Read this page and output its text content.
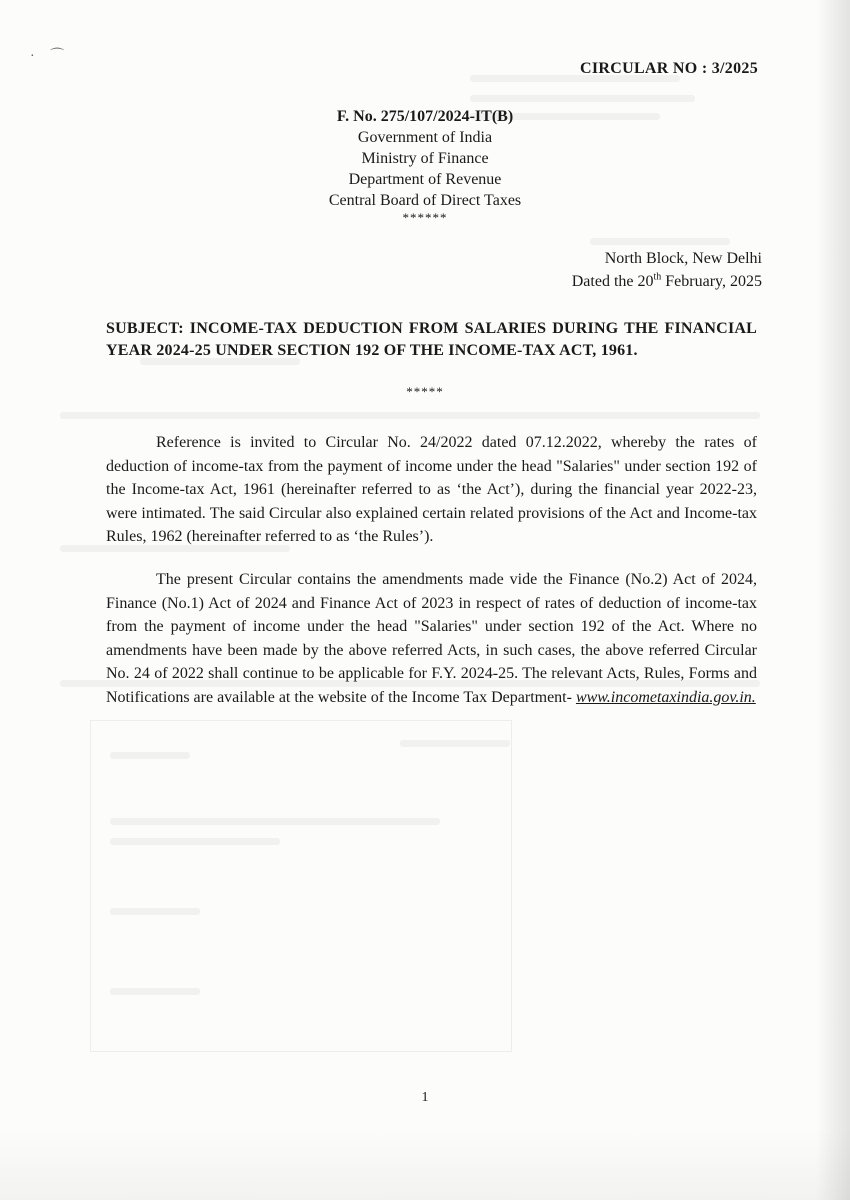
· ⌒
CIRCULAR NO : 3/2025
F. No. 275/107/2024-IT(B)
Government of India
Ministry of Finance
Department of Revenue
Central Board of Direct Taxes
******
North Block, New Delhi
Dated the 20th February, 2025
SUBJECT: INCOME-TAX DEDUCTION FROM SALARIES DURING THE FINANCIAL YEAR 2024-25 UNDER SECTION 192 OF THE INCOME-TAX ACT, 1961.
*****
Reference is invited to Circular No. 24/2022 dated 07.12.2022, whereby the rates of deduction of income-tax from the payment of income under the head "Salaries" under section 192 of the Income-tax Act, 1961 (hereinafter referred to as ‘the Act’), during the financial year 2022-23, were intimated. The said Circular also explained certain related provisions of the Act and Income-tax Rules, 1962 (hereinafter referred to as ‘the Rules’).
The present Circular contains the amendments made vide the Finance (No.2) Act of 2024, Finance (No.1) Act of 2024 and Finance Act of 2023 in respect of rates of deduction of income-tax from the payment of income under the head "Salaries" under section 192 of the Act. Where no amendments have been made by the above referred Acts, in such cases, the above referred Circular No. 24 of 2022 shall continue to be applicable for F.Y. 2024-25. The relevant Acts, Rules, Forms and Notifications are available at the website of the Income Tax Department- www.incometaxindia.gov.in.
1
